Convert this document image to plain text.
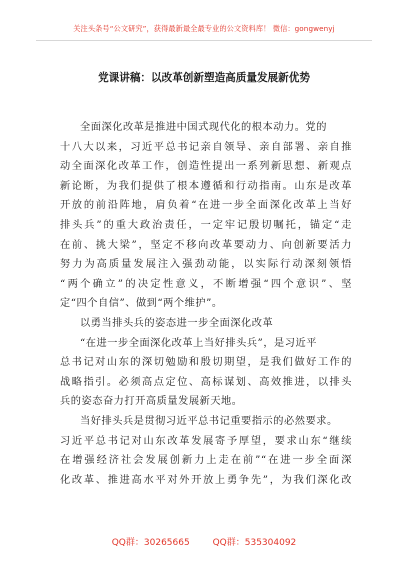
关注头条号“公文研究”，获得最新最全最专业的公文资料库！ 微信：gongwenyj
党课讲稿：以改革创新塑造高质量发展新优势
全面深化改革是推进中国式现代化的根本动力。党的
十八大以来，习近平总书记亲自领导、亲自部署、亲自推
动全面深化改革工作，创造性提出一系列新思想、新观点
新论断，为我们提供了根本遵循和行动指南。山东是改革
开放的前沿阵地，肩负着“在进一步全面深化改革上当好
排头兵”的重大政治责任，一定牢记殷切嘱托，锚定“走
在前、挑大梁”，坚定不移向改革要动力、向创新要活力
努力为高质量发展注入强劲动能，以实际行动深刻领悟
“两个确立”的决定性意义，不断增强“四个意识”、坚
定“四个自信”、做到“两个维护”。
以勇当排头兵的姿态进一步全面深化改革
“在进一步全面深化改革上当好排头兵”，是习近平
总书记对山东的深切勉励和殷切期望，是我们做好工作的
战略指引。必须高点定位、高标谋划、高效推进，以排头
兵的姿态奋力打开高质量发展新天地。
当好排头兵是贯彻习近平总书记重要指示的必然要求。
习近平总书记对山东改革发展寄予厚望，要求山东“继续
在增强经济社会发展创新力上走在前”“在进一步全面深
化改革、推进高水平对外开放上勇争先”，为我们深化改
QQ群：30265665	QQ群：535304092
